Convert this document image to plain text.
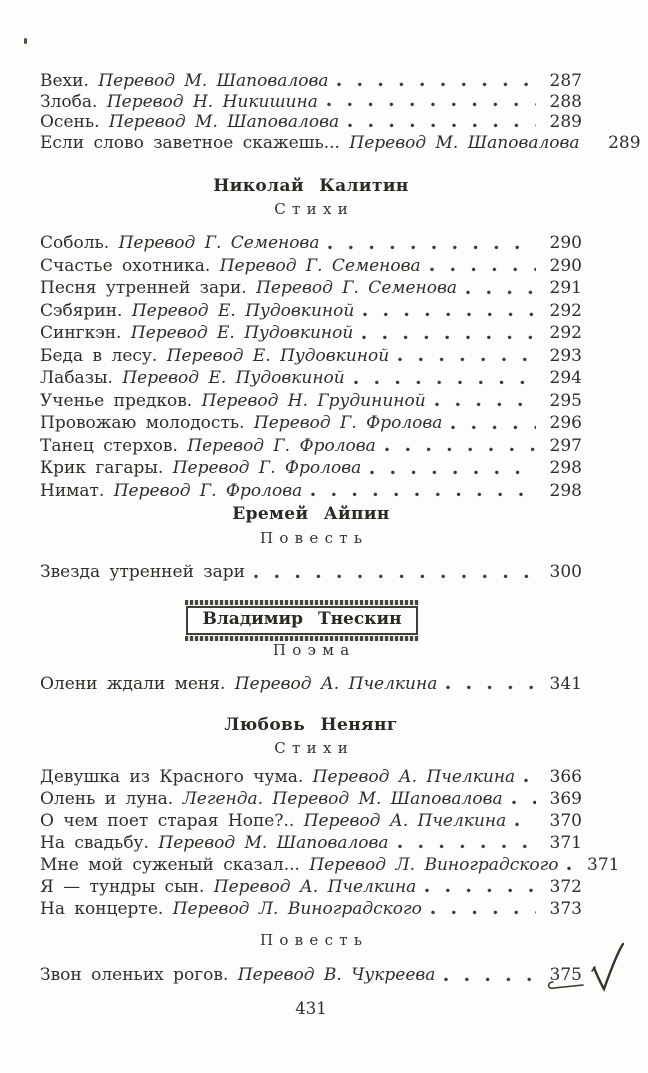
Вехи. Перевод М. Шаповалова	287
Злоба. Перевод Н. Никишина	288
Осень. Перевод М. Шаповалова	289
Если слово заветное скажешь... Перевод М. Шаповалова 289
Николай Калитин
Стихи
Соболь. Перевод Г. Семенова	290
Счастье охотника. Перевод Г. Семенова	290
Песня утренней зари. Перевод Г. Семенова	291
Сэбярин. Перевод Е. Пудовкиной	292
Сингкэн. Перевод Е. Пудовкиной	292
Беда в лесу. Перевод Е. Пудовкиной	293
Лабазы. Перевод Е. Пудовкиной	294
Ученье предков. Перевод Н. Грудининой	295
Провожаю молодость. Перевод Г. Фролова	296
Танец стерхов. Перевод Г. Фролова	297
Крик гагары. Перевод Г. Фролова	298
Нимат. Перевод Г. Фролова	298
Еремей Айпин
Повесть
Звезда утренней зари	300
Владимир Тнескин
Поэма
Олени ждали меня. Перевод А. Пчелкина	341
Любовь Ненянг
Стихи
Девушка из Красного чума. Перевод А. Пчелкина 366
Олень и луна. Легенда. Перевод М. Шаповалова	369
О чем поет старая Нопе?.. Перевод А. Пчелкина	370
На свадьбу. Перевод М. Шаповалова	371
Мне мой суженый сказал... Перевод Л. Виноградского 371
Я — тундры сын. Перевод А. Пчелкина	372
На концерте. Перевод Л. Виноградского	373
Повесть
Звон оленьих рогов. Перевод В. Чукреева	375
431
